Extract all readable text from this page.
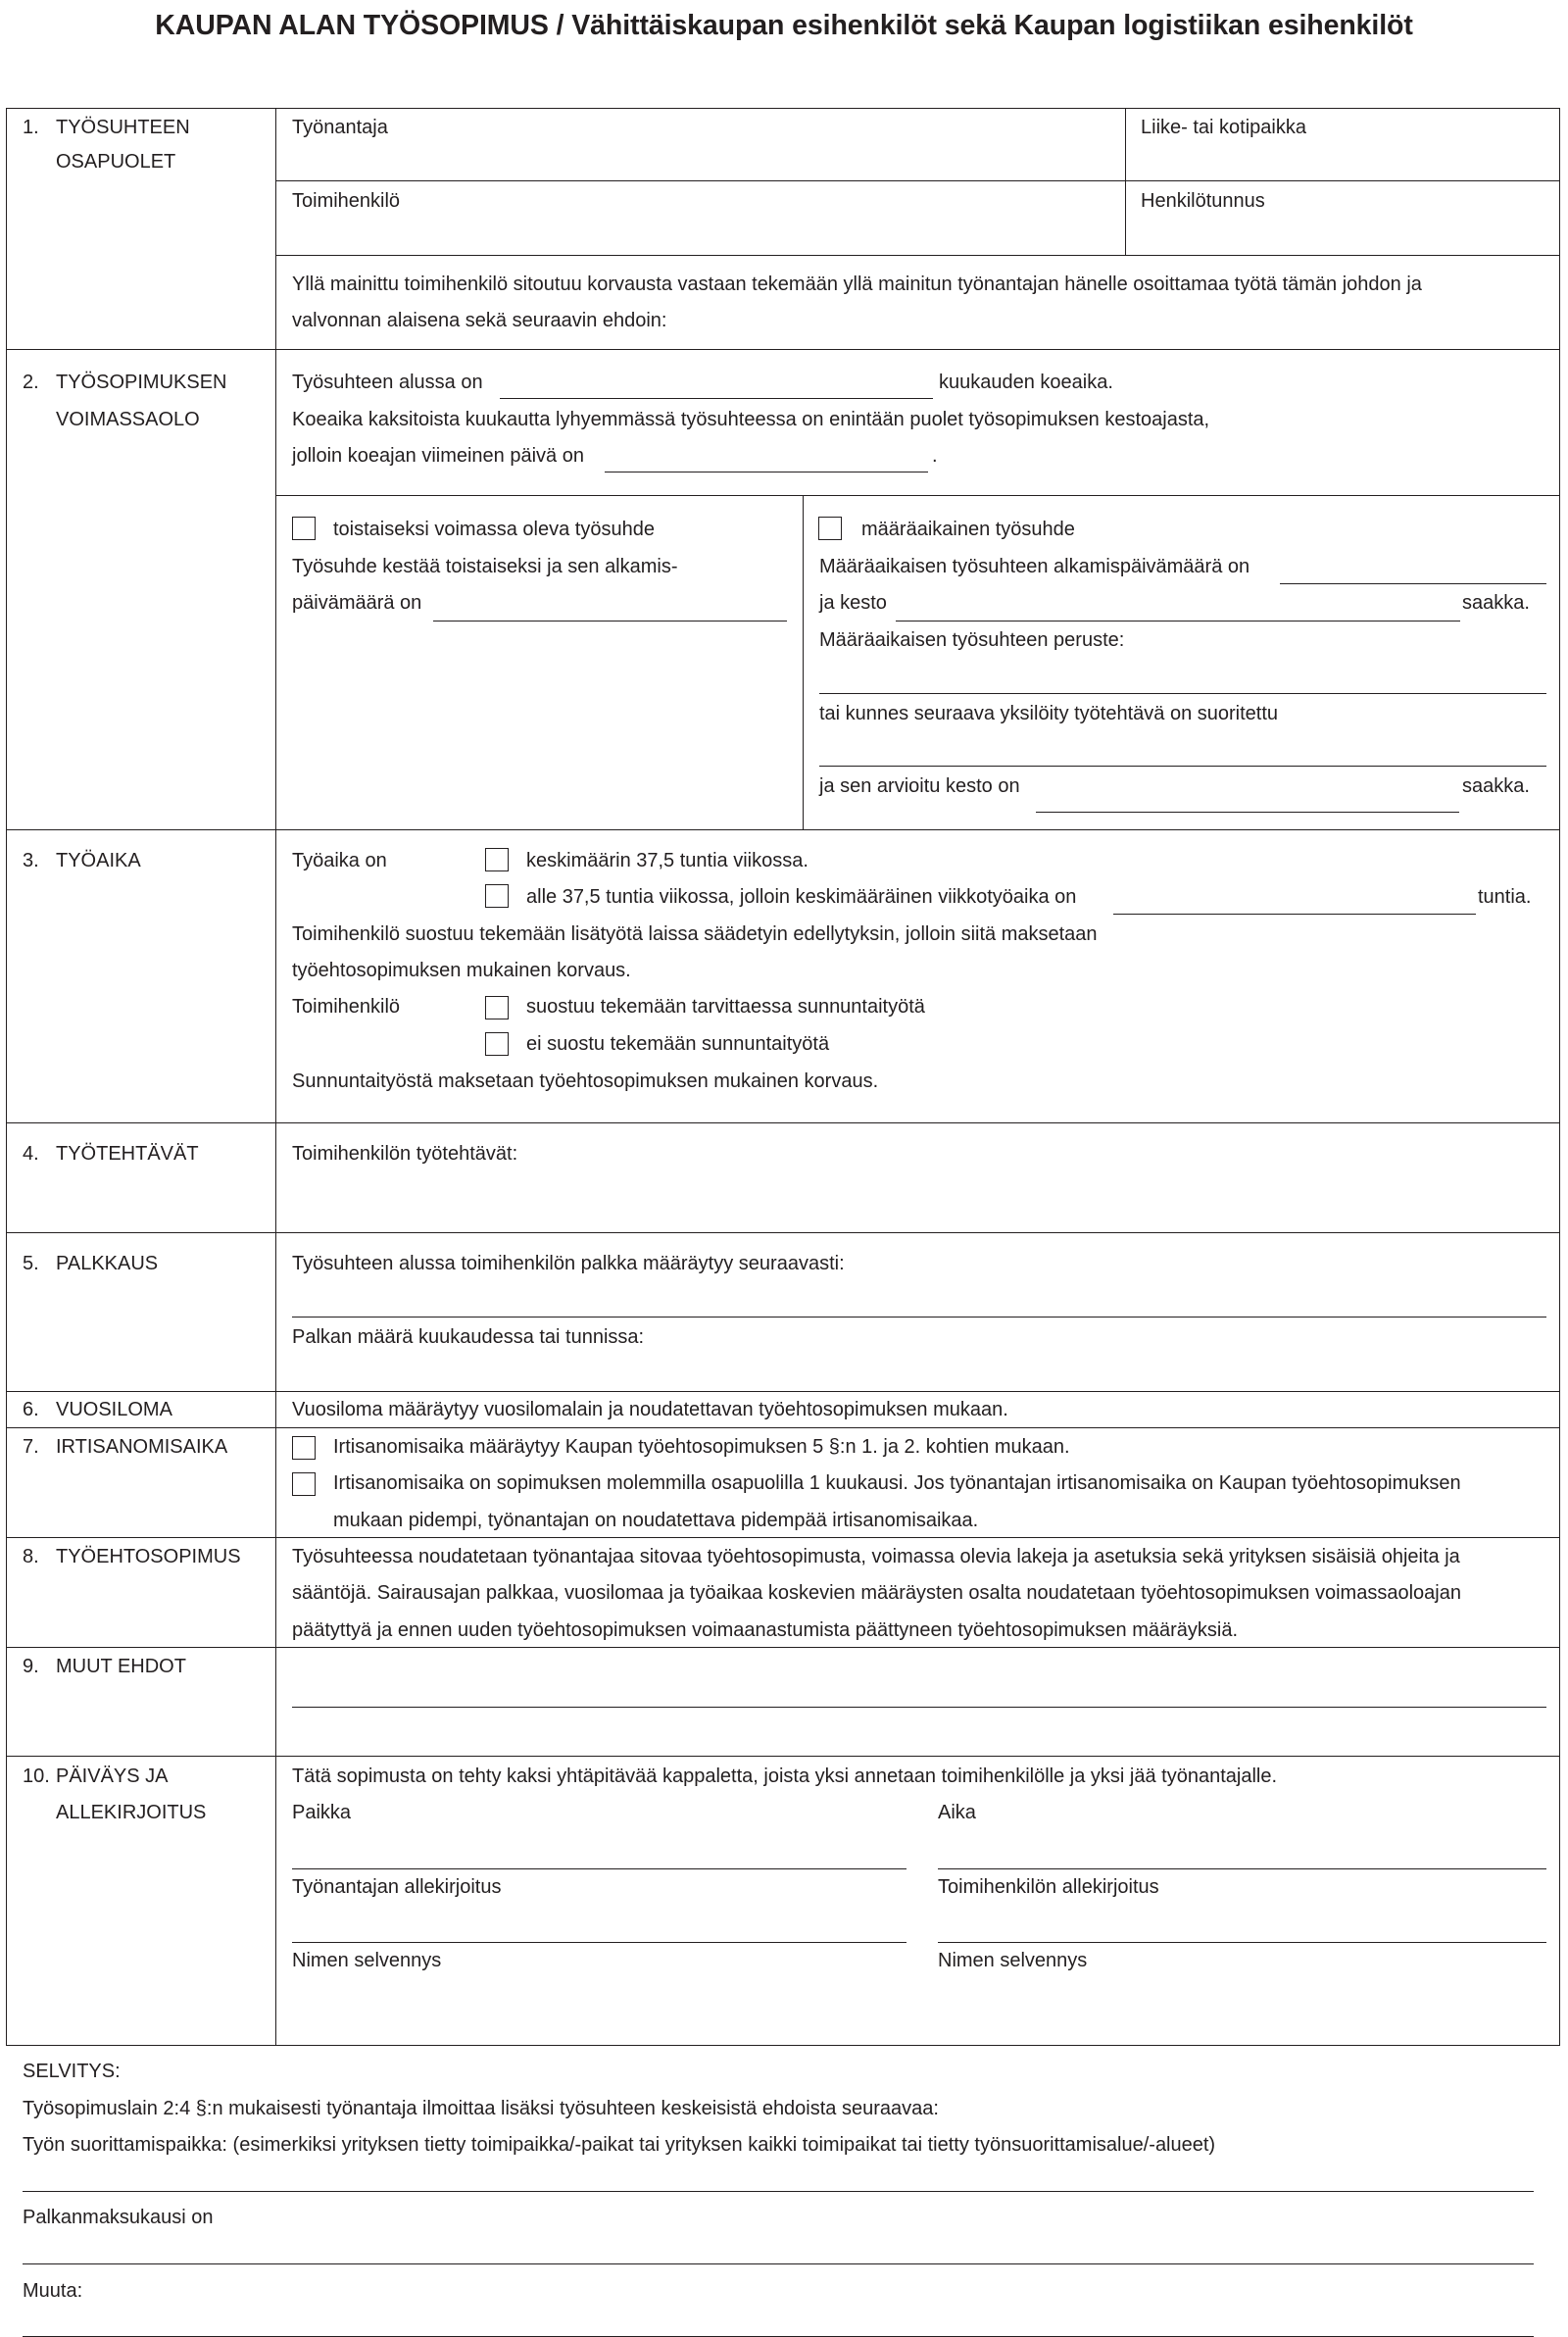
KAUPAN ALAN TYÖSOPIMUS / Vähittäiskaupan esihenkilöt sekä Kaupan logistiikan esihenkilöt
1. TYÖSUHTEEN
OSAPUOLET
Työnantaja	Liike- tai kotipaikka
Toimihenkilö	Henkilötunnus
Yllä mainittu toimihenkilö sitoutuu korvausta vastaan tekemään yllä mainitun työnantajan hänelle osoittamaa työtä tämän johdon ja
valvonnan alaisena sekä seuraavin ehdoin:
2. TYÖSOPIMUKSEN
VOIMASSAOLO
Työsuhteen alussa on	kuukauden koeaika.
Koeaika kaksitoista kuukautta lyhyemmässä työsuhteessa on enintään puolet työsopimuksen kestoajasta,
jolloin koeajan viimeinen päivä on	.
toistaiseksi voimassa oleva työsuhde
Työsuhde kestää toistaiseksi ja sen alkamis-
päivämäärä on
määräaikainen työsuhde
Määräaikaisen työsuhteen alkamispäivämäärä on
ja kesto	saakka.
Määräaikaisen työsuhteen peruste:
tai kunnes seuraava yksilöity työtehtävä on suoritettu
ja sen arvioitu kesto on	saakka.
3. TYÖAIKA	Työaika on	keskimäärin 37,5 tuntia viikossa.
alle 37,5 tuntia viikossa, jolloin keskimääräinen viikkotyöaika on	tuntia.
Toimihenkilö suostuu tekemään lisätyötä laissa säädetyin edellytyksin, jolloin siitä maksetaan
työehtosopimuksen mukainen korvaus.
Toimihenkilö	suostuu tekemään tarvittaessa sunnuntaityötä
ei suostu tekemään sunnuntaityötä
Sunnuntaityöstä maksetaan työehtosopimuksen mukainen korvaus.
4. TYÖTEHTÄVÄT	Toimihenkilön työtehtävät:
5. PALKKAUS	Työsuhteen alussa toimihenkilön palkka määräytyy seuraavasti:
Palkan määrä kuukaudessa tai tunnissa:
6. VUOSILOMA	Vuosiloma määräytyy vuosilomalain ja noudatettavan työehtosopimuksen mukaan.
7. IRTISANOMISAIKA	Irtisanomisaika määräytyy Kaupan työehtosopimuksen 5 §:n 1. ja 2. kohtien mukaan.
Irtisanomisaika on sopimuksen molemmilla osapuolilla 1 kuukausi. Jos työnantajan irtisanomisaika on Kaupan työehtosopimuksen
mukaan pidempi, työnantajan on noudatettava pidempää irtisanomisaikaa.
8. TYÖEHTOSOPIMUS	Työsuhteessa noudatetaan työnantajaa sitovaa työehtosopimusta, voimassa olevia lakeja ja asetuksia sekä yrityksen sisäisiä ohjeita ja
sääntöjä. Sairausajan palkkaa, vuosilomaa ja työaikaa koskevien määräysten osalta noudatetaan työehtosopimuksen voimassaoloajan
päätyttyä ja ennen uuden työehtosopimuksen voimaanastumista päättyneen työehtosopimuksen määräyksiä.
9. MUUT EHDOT
10. PÄIVÄYS JA
ALLEKIRJOITUS
Tätä sopimusta on tehty kaksi yhtäpitävää kappaletta, joista yksi annetaan toimihenkilölle ja yksi jää työnantajalle.
Paikka	Aika
Työnantajan allekirjoitus	Toimihenkilön allekirjoitus
Nimen selvennys	Nimen selvennys
SELVITYS:
Työsopimuslain 2:4 §:n mukaisesti työnantaja ilmoittaa lisäksi työsuhteen keskeisistä ehdoista seuraavaa:
Työn suorittamispaikka: (esimerkiksi yrityksen tietty toimipaikka/-paikat tai yrityksen kaikki toimipaikat tai tietty työnsuorittamisalue/-alueet)
Palkanmaksukausi on
Muuta:
